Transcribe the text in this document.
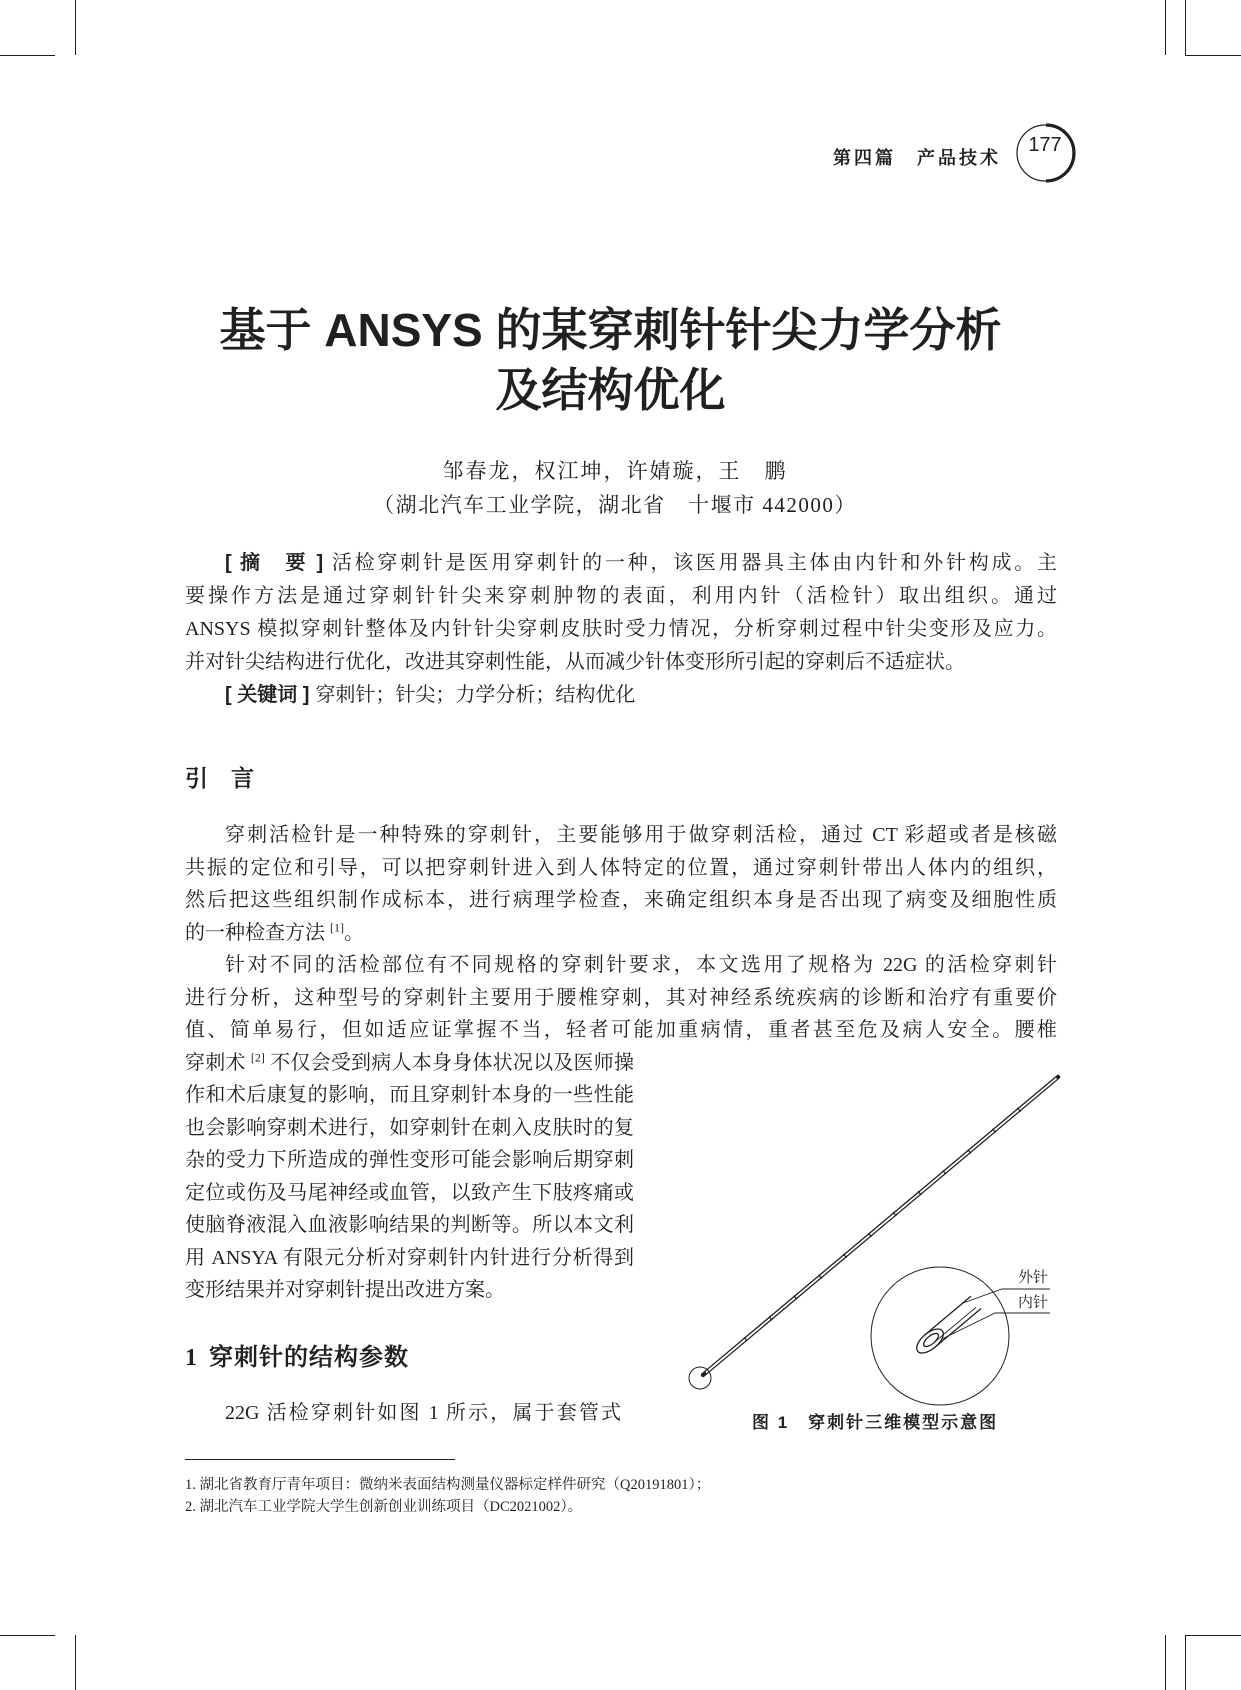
第四篇　产品技术
177
基于 ANSYS 的某穿刺针针尖力学分析
及结构优化
邹春龙，权江坤，许婧璇，王　鹏
（湖北汽车工业学院，湖北省　十堰市 442000）
[ 摘　要 ] 活检穿刺针是医用穿刺针的一种，该医用器具主体由内针和外针构成。主
要操作方法是通过穿刺针针尖来穿刺肿物的表面，利用内针（活检针）取出组织。通过
ANSYS 模拟穿刺针整体及内针针尖穿刺皮肤时受力情况，分析穿刺过程中针尖变形及应力。
并对针尖结构进行优化，改进其穿刺性能，从而减少针体变形所引起的穿刺后不适症状。
[ 关键词 ] 穿刺针；针尖；力学分析；结构优化
引　言
穿刺活检针是一种特殊的穿刺针，主要能够用于做穿刺活检，通过 CT 彩超或者是核磁
共振的定位和引导，可以把穿刺针进入到人体特定的位置，通过穿刺针带出人体内的组织，
然后把这些组织制作成标本，进行病理学检查，来确定组织本身是否出现了病变及细胞性质
的一种检查方法 [1]。
针对不同的活检部位有不同规格的穿刺针要求，本文选用了规格为 22G 的活检穿刺针
进行分析，这种型号的穿刺针主要用于腰椎穿刺，其对神经系统疾病的诊断和治疗有重要价
值、简单易行，但如适应证掌握不当，轻者可能加重病情，重者甚至危及病人安全。腰椎
穿刺术 [2] 不仅会受到病人本身身体状况以及医师操
作和术后康复的影响，而且穿刺针本身的一些性能
也会影响穿刺术进行，如穿刺针在刺入皮肤时的复
杂的受力下所造成的弹性变形可能会影响后期穿刺
定位或伤及马尾神经或血管，以致产生下肢疼痛或
使脑脊液混入血液影响结果的判断等。所以本文利
用 ANSYA 有限元分析对穿刺针内针进行分析得到
变形结果并对穿刺针提出改进方案。
1 穿刺针的结构参数
22G 活检穿刺针如图 1 所示，属于套管式
外针
内针
图 1　穿刺针三维模型示意图
1. 湖北省教育厅青年项目：微纳米表面结构测量仪器标定样件研究（Q20191801）；
2. 湖北汽车工业学院大学生创新创业训练项目（DC2021002）。
